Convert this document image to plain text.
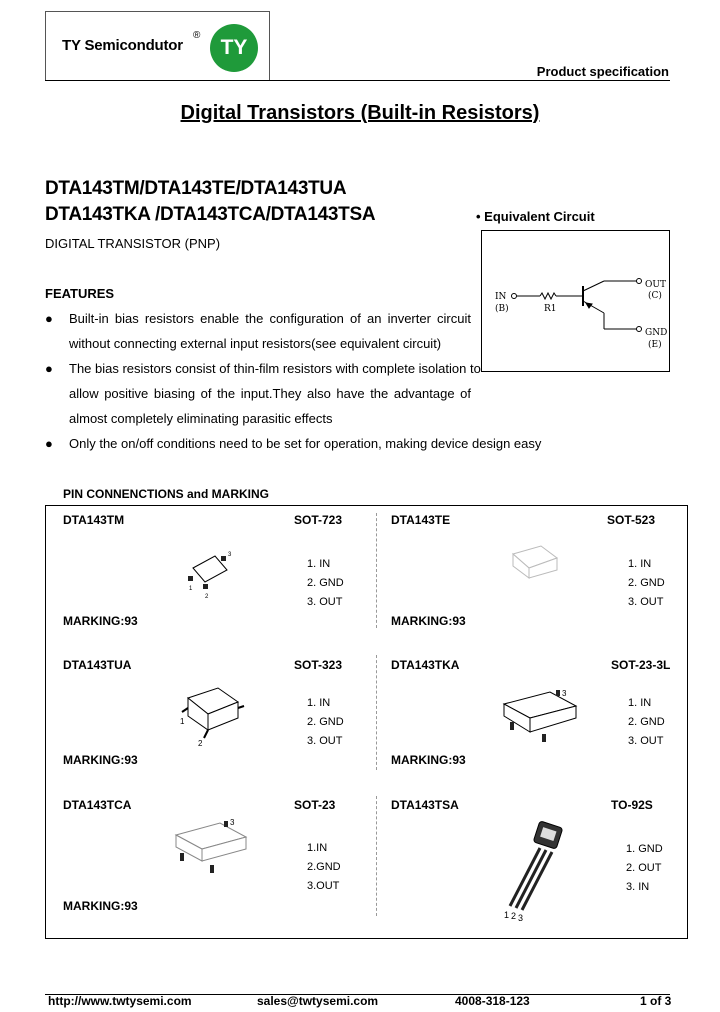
TY Semicondutor
®
TY
Product specification
Digital Transistors (Built-in Resistors)
DTA143TM/DTA143TE/DTA143TUA
DTA143TKA /DTA143TCA/DTA143TSA
DIGITAL TRANSISTOR (PNP)
• Equivalent Circuit
IN
(B)	R1
OUT
(C)
GND
(E)
FEATURES
● Built-in bias resistors enable the configuration of an inverter circuit
without connecting external input resistors(see equivalent circuit)
● The bias resistors consist of thin-film resistors with complete isolation to
allow positive biasing of the input.They also have the advantage of
almost completely eliminating parasitic effects
● Only the on/off conditions need to be set for operation, making device design easy
PIN CONNENCTIONS and MARKING
DTA143TM	SOT-723
1. IN
2. GND
3. OUT
MARKING:93
3
1
2
DTA143TE	SOT-523
1. IN
2. GND
3. OUT
MARKING:93
DTA143TUA	SOT-323
1. IN
2. GND
3. OUT
MARKING:93
1
2
DTA143TKA	SOT-23-3L
1. IN
2. GND
3. OUT
MARKING:93
3
DTA143TCA	SOT-23
1.IN
2.GND
3.OUT
MARKING:93
3
DTA143TSA	TO-92S
1. GND
2. OUT
3. IN
1 2 3
http://www.twtysemi.com	sales@twtysemi.com	4008-318-123	1 of 3
